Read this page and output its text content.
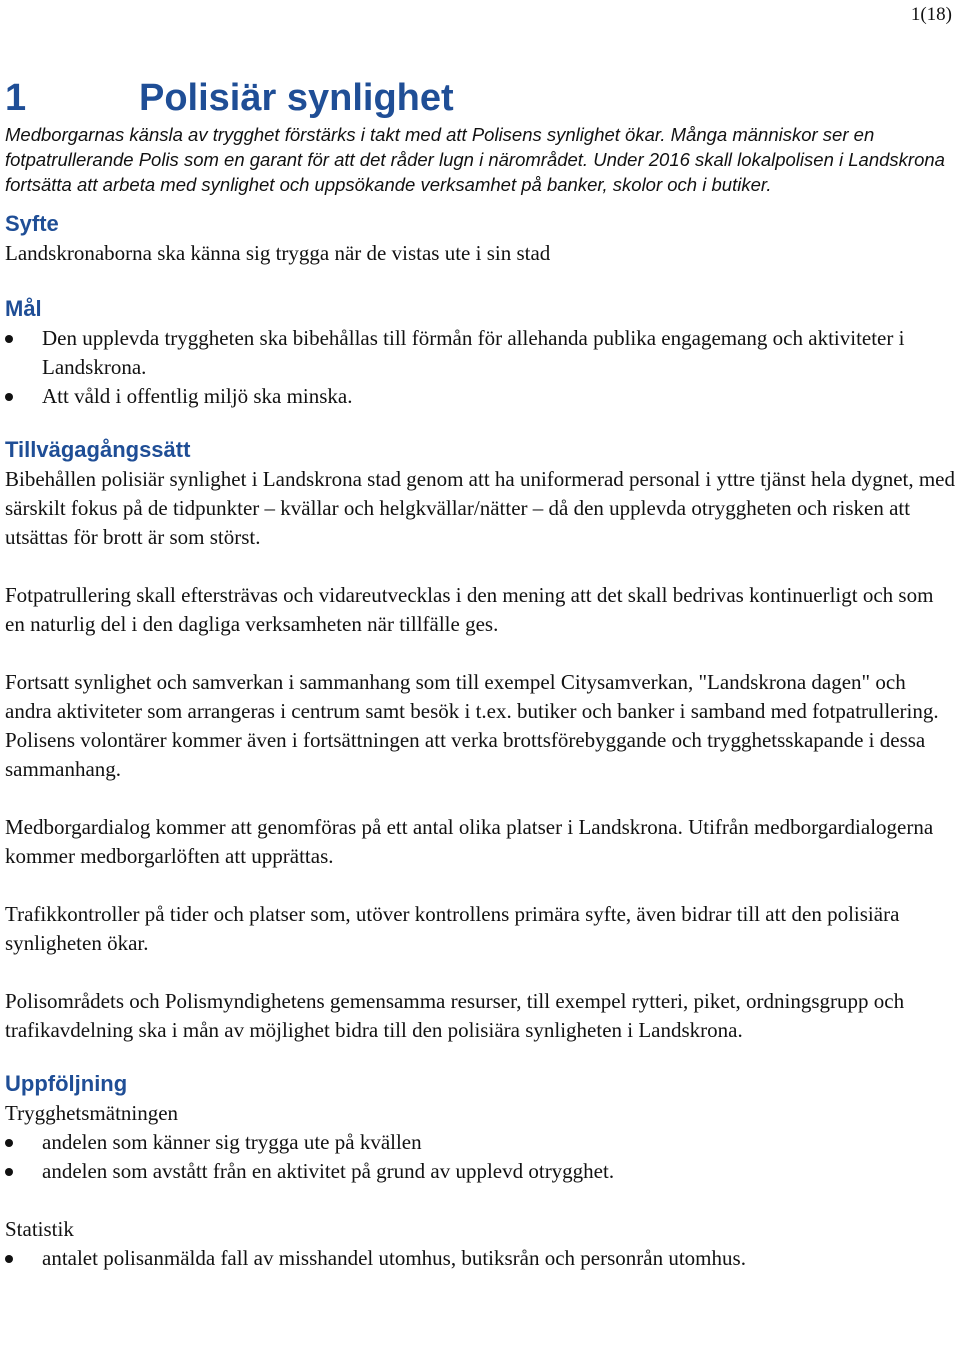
1(18)
1	Polisiär synlighet

Medborgarnas känsla av trygghet förstärks i takt med att Polisens synlighet ökar. Många människor ser en fotpatrullerande Polis som en garant för att det råder lugn i närområdet. Under 2016 skall lokalpolisen i Landskrona fortsätta att arbeta med synlighet och uppsökande verksamhet på banker, skolor och i butiker.

Syfte

Landskronaborna ska känna sig trygga när de vistas ute i sin stad

Mål
Den upplevda tryggheten ska bibehållas till förmån för allehanda publika engagemang och aktiviteter i Landskrona.
Att våld i offentlig miljö ska minska.
Tillvägagångssätt

Bibehållen polisiär synlighet i Landskrona stad genom att ha uniformerad personal i yttre tjänst hela dygnet, med särskilt fokus på de tidpunkter – kvällar och helgkvällar/nätter – då den upplevda otryggheten och risken att utsättas för brott är som störst.

Fotpatrullering skall eftersträvas och vidareutvecklas i den mening att det skall bedrivas kontinuerligt och som en naturlig del i den dagliga verksamheten när tillfälle ges.

Fortsatt synlighet och samverkan i sammanhang som till exempel Citysamverkan, "Landskrona dagen" och andra aktiviteter som arrangeras i centrum samt besök i t.ex. butiker och banker i samband med fotpatrullering. Polisens volontärer kommer även i fortsättningen att verka brottsförebyggande och trygghetsskapande i dessa sammanhang.

Medborgardialog kommer att genomföras på ett antal olika platser i Landskrona. Utifrån medborgardialogerna kommer medborgarlöften att upprättas.

Trafikkontroller på tider och platser som, utöver kontrollens primära syfte, även bidrar till att den polisiära synligheten ökar.

Polisområdets och Polismyndighetens gemensamma resurser, till exempel rytteri, piket, ordningsgrupp och trafikavdelning ska i mån av möjlighet bidra till den polisiära synligheten i Landskrona.

Uppföljning

Trygghetsmätningen

andelen som känner sig trygga ute på kvällen
andelen som avstått från en aktivitet på grund av upplevd otrygghet.

Statistik

antalet polisanmälda fall av misshandel utomhus, butiksrån och personrån utomhus.
